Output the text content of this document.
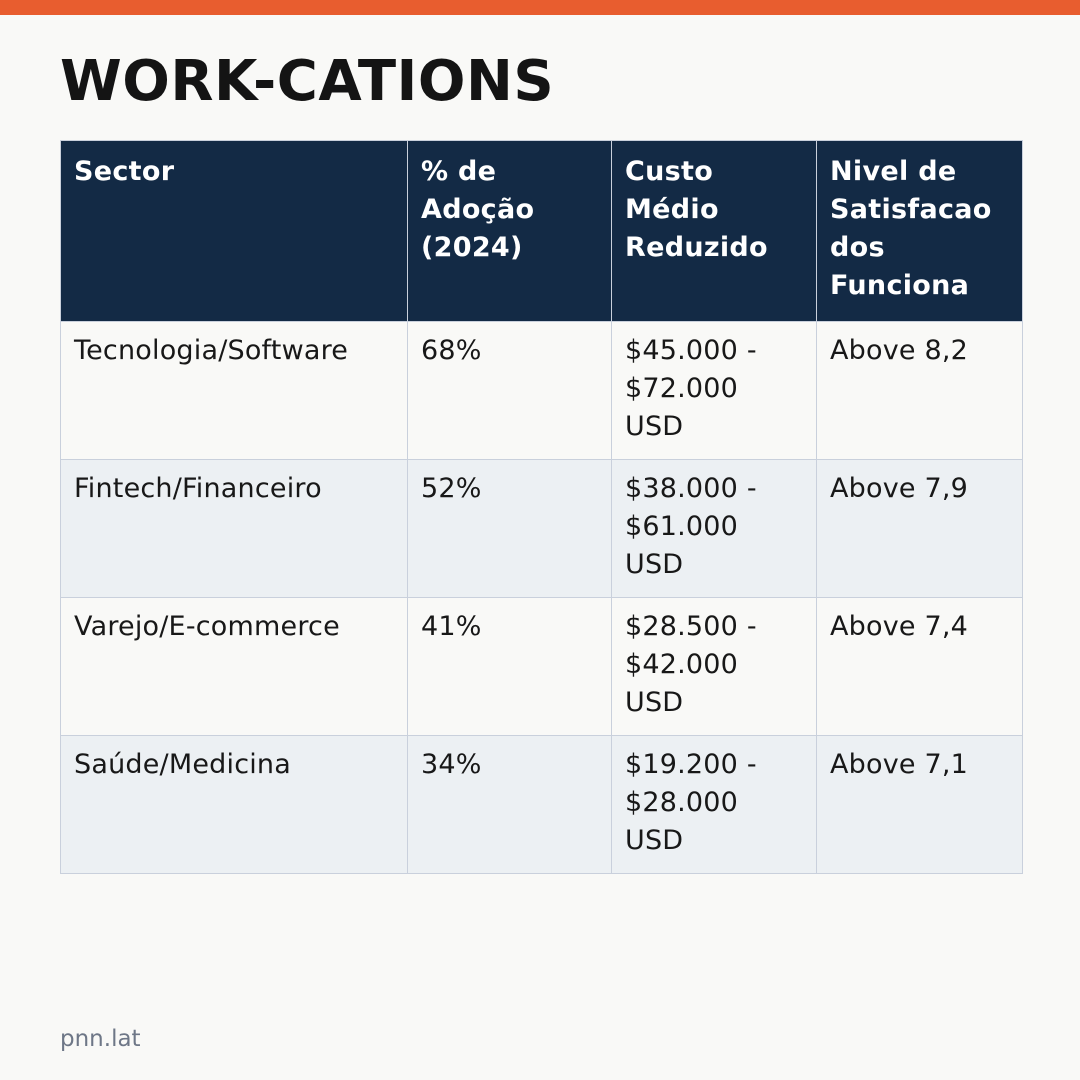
WORK-CATIONS
Sector	% de Adoção (2024)	Custo Médio Reduzido	Nivel de Satisfacao dos Funciona
Tecnologia/Software	68%	$45.000 - $72.000 USD	Above 8,2
Fintech/Financeiro	52%	$38.000 - $61.000 USD	Above 7,9
Varejo/E-commerce	41%	$28.500 - $42.000 USD	Above 7,4
Saúde/Medicina	34%	$19.200 - $28.000 USD	Above 7,1
pnn.lat
